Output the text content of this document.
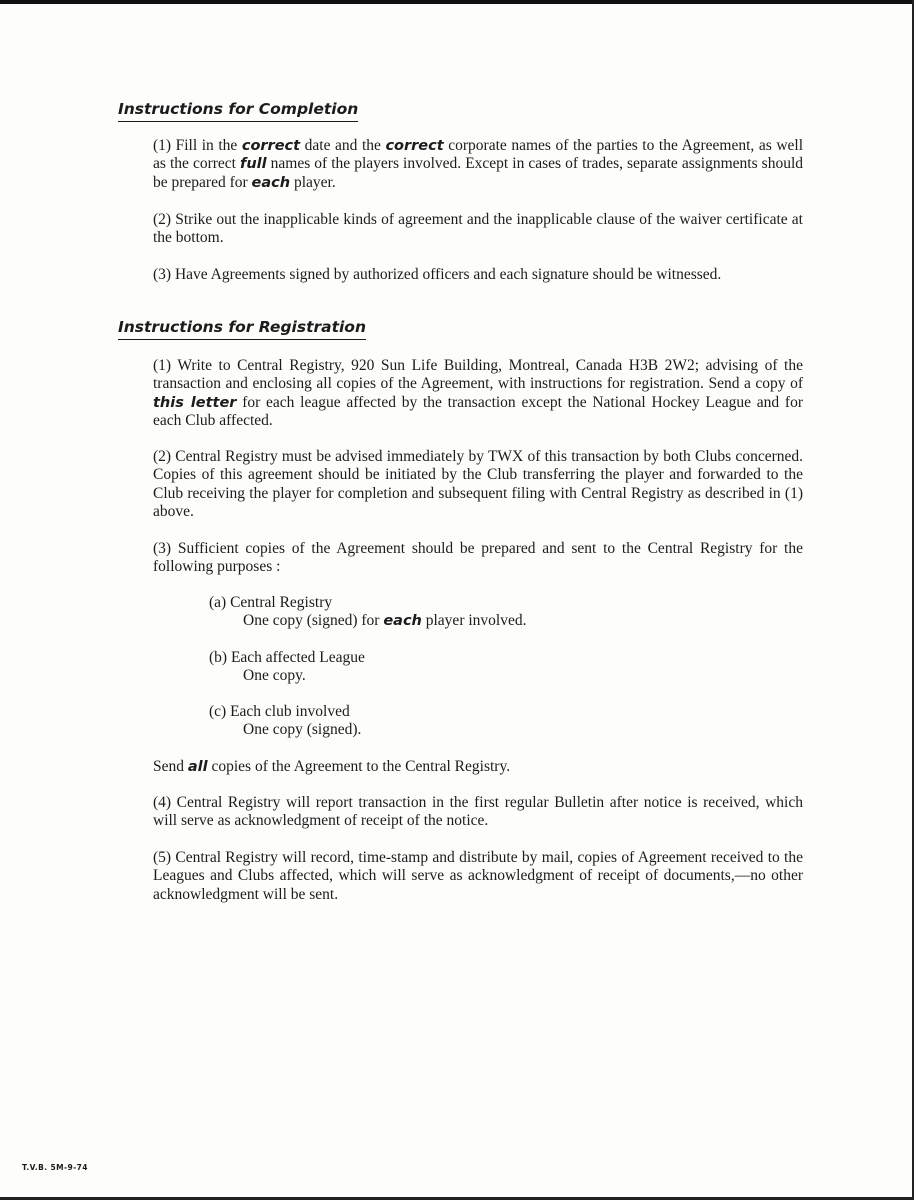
Instructions for Completion
(1) Fill in the correct date and the correct corporate names of the parties to the Agreement, as well as the correct full names of the players involved. Except in cases of trades, separate assignments should be prepared for each player.
(2) Strike out the inapplicable kinds of agreement and the inapplicable clause of the waiver certificate at the bottom.
(3) Have Agreements signed by authorized officers and each signature should be witnessed.
Instructions for Registration
(1) Write to Central Registry, 920 Sun Life Building, Montreal, Canada H3B 2W2; advising of the transaction and enclosing all copies of the Agreement, with instructions for registration. Send a copy of this letter for each league affected by the transaction except the National Hockey League and for each Club affected.
(2) Central Registry must be advised immediately by TWX of this transaction by both Clubs concerned. Copies of this agreement should be initiated by the Club transferring the player and forwarded to the Club receiving the player for completion and subsequent filing with Central Registry as described in (1) above.
(3) Sufficient copies of the Agreement should be prepared and sent to the Central Registry for the following purposes :
(a) Central Registry
One copy (signed) for each player involved.
(b) Each affected League
One copy.
(c) Each club involved
One copy (signed).
Send all copies of the Agreement to the Central Registry.
(4) Central Registry will report transaction in the first regular Bulletin after notice is received, which will serve as acknowledgment of receipt of the notice.
(5) Central Registry will record, time-stamp and distribute by mail, copies of Agreement received to the Leagues and Clubs affected, which will serve as acknowledgment of receipt of documents,—no other acknowledgment will be sent.
T.V.B. 5M-9-74
